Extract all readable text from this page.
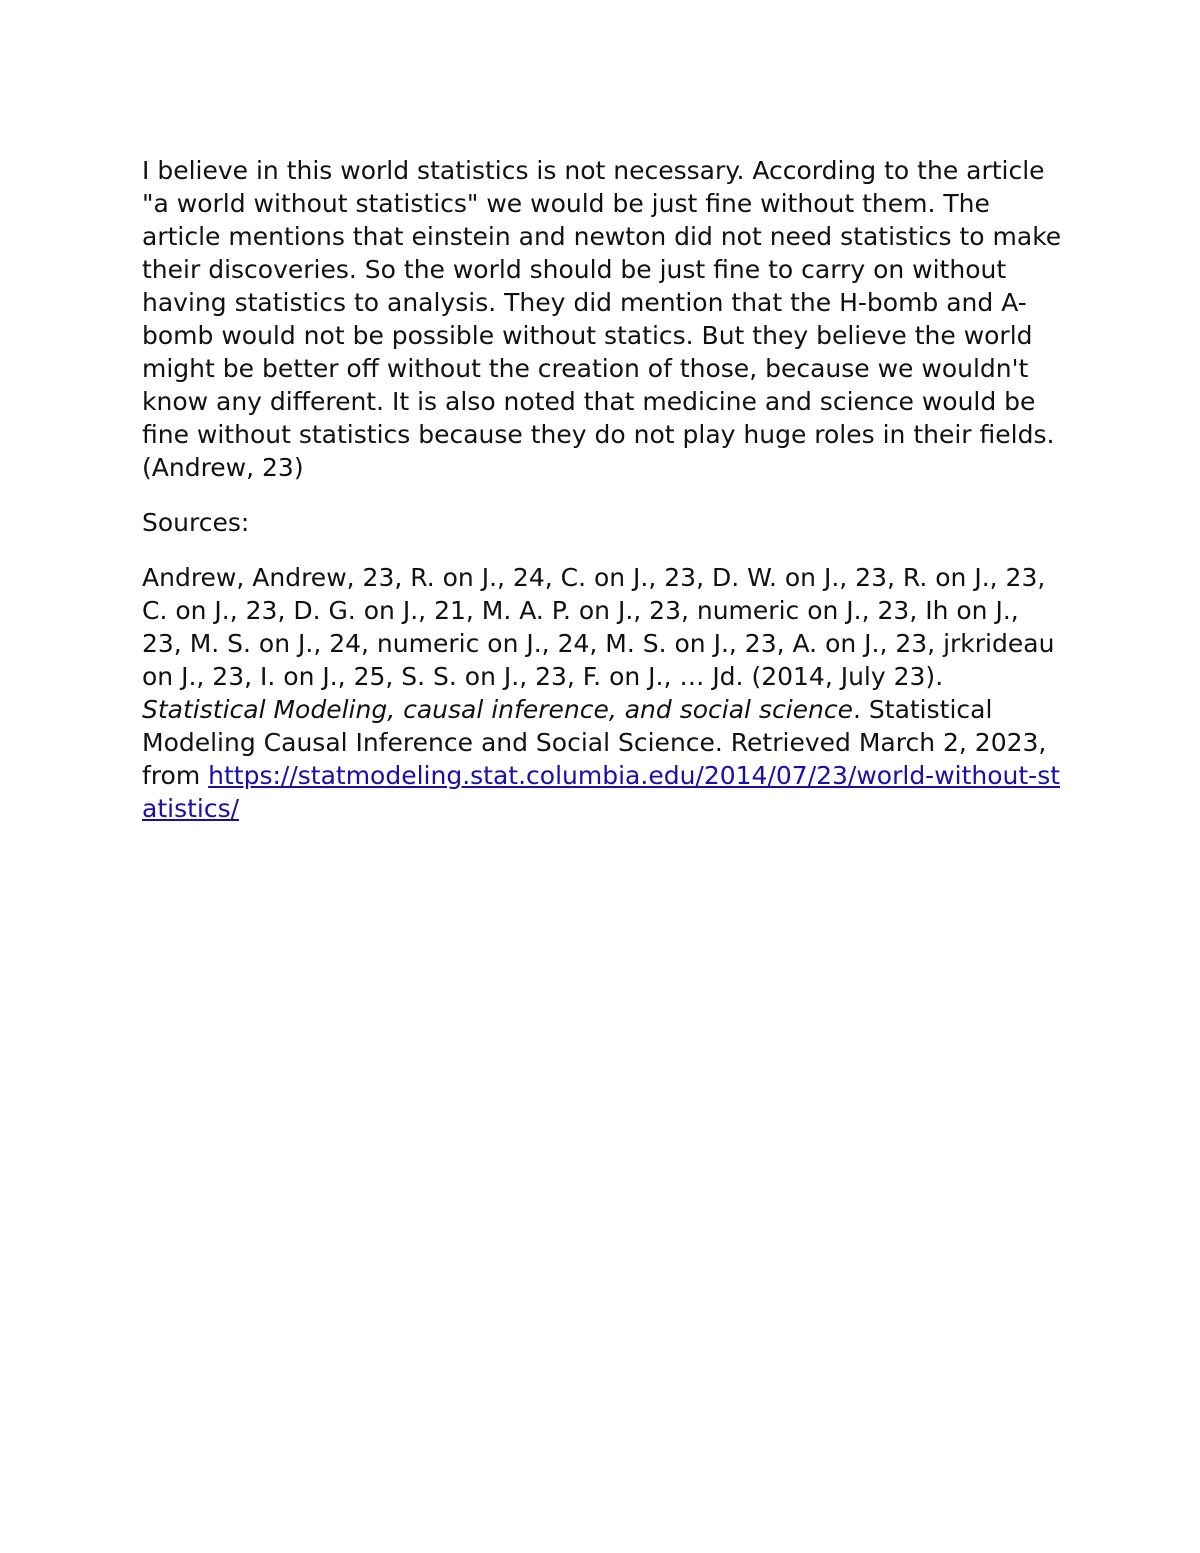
I believe in this world statistics is not necessary. According to the article "a world without statistics" we would be just fine without them. The article mentions that einstein and newton did not need statistics to make their discoveries. So the world should be just fine to carry on without having statistics to analysis. They did mention that the H-bomb and A-bomb would not be possible without statics. But they believe the world might be better off without the creation of those, because we wouldn't know any different. It is also noted that medicine and science would be fine without statistics because they do not play huge roles in their fields.(Andrew, 23)

Sources:

Andrew, Andrew, 23, R. on J., 24, C. on J., 23, D. W. on J., 23, R. on J., 23, C. on J., 23, D. G. on J., 21, M. A. P. on J., 23, numeric on J., 23, Ih on J., 23, M. S. on J., 24, numeric on J., 24, M. S. on J., 23, A. on J., 23, jrkrideau on J., 23, I. on J., 25, S. S. on J., 23, F. on J., … Jd. (2014, July 23). Statistical Modeling, causal inference, and social science. Statistical Modeling Causal Inference and Social Science. Retrieved March 2, 2023, from https://statmodeling.stat.columbia.edu/2014/07/23/world-without-statistics/
